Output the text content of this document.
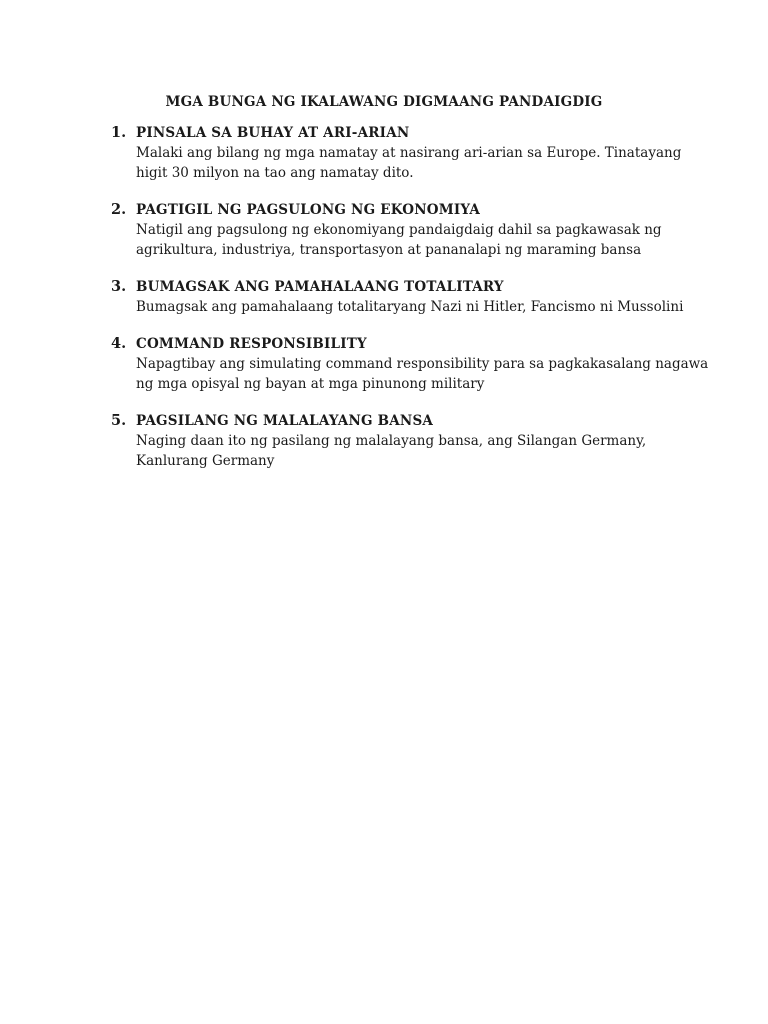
MGA BUNGA NG IKALAWANG DIGMAANG PANDAIGDIG
1. PINSALA SA BUHAY AT ARI-ARIAN
Malaki ang bilang ng mga namatay at nasirang ari-arian sa Europe. Tinatayang higit 30 milyon na tao ang namatay dito.
2. PAGTIGIL NG PAGSULONG NG EKONOMIYA
Natigil ang pagsulong ng ekonomiyang pandaigdaig dahil sa pagkawasak ng agrikultura, industriya, transportasyon at pananalapi ng maraming bansa
3. BUMAGSAK ANG PAMAHALAANG TOTALITARY
Bumagsak ang pamahalaang totalitaryang Nazi ni Hitler, Fancismo ni Mussolini
4. COMMAND RESPONSIBILITY
Napagtibay ang simulating command responsibility para sa pagkakasalang nagawa ng mga opisyal ng bayan at mga pinunong military
5. PAGSILANG NG MALALAYANG BANSA
Naging daan ito ng pasilang ng malalayang bansa, ang Silangan Germany, Kanlurang Germany
